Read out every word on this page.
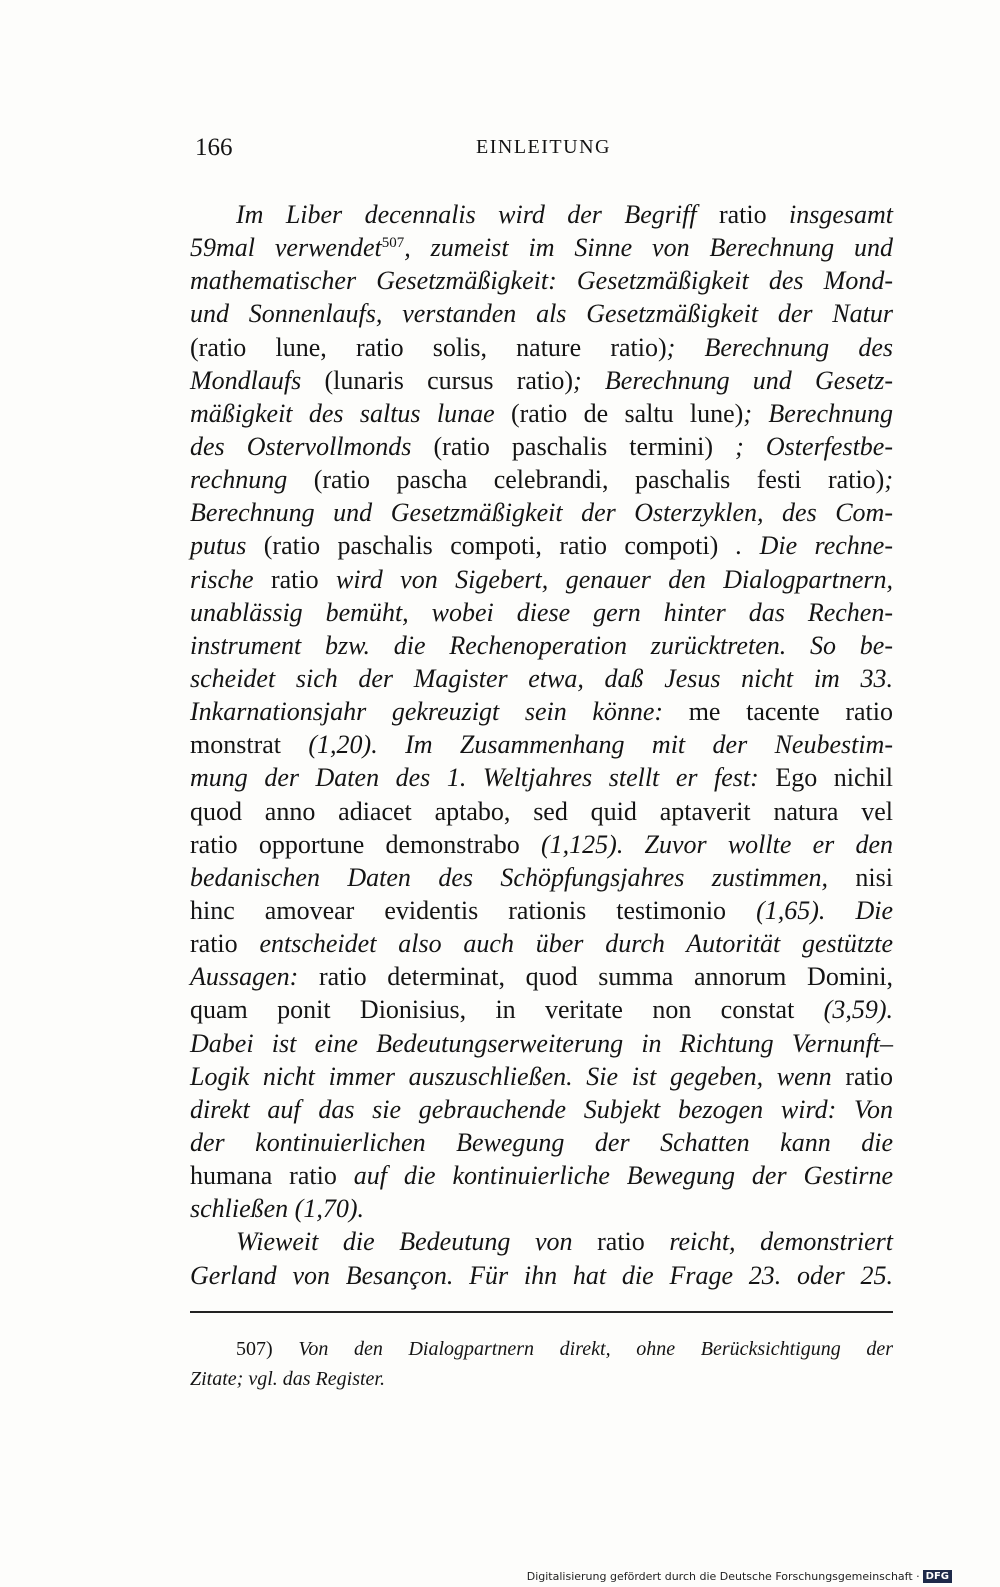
166	EINLEITUNG
Im Liber decennalis wird der Begriff ratio insgesamt
59mal verwendet$^{507}$, zumeist im Sinne von Berechnung und
mathematischer Gesetzmäßigkeit: Gesetzmäßigkeit des Mond-
und Sonnenlaufs, verstanden als Gesetzmäßigkeit der Natur
(ratio lune, ratio solis, nature ratio); Berechnung des
Mondlaufs (lunaris cursus ratio); Berechnung und Gesetz-
mäßigkeit des saltus lunae (ratio de saltu lune); Berechnung
des Ostervollmonds (ratio paschalis termini) ; Osterfestbe-
rechnung (ratio pascha celebrandi, paschalis festi ratio);
Berechnung und Gesetzmäßigkeit der Osterzyklen, des Com-
putus (ratio paschalis compoti, ratio compoti) . Die rechne-
rische ratio wird von Sigebert, genauer den Dialogpartnern,
unablässig bemüht, wobei diese gern hinter das Rechen-
instrument bzw. die Rechenoperation zurücktreten. So be-
scheidet sich der Magister etwa, daß Jesus nicht im 33.
Inkarnationsjahr gekreuzigt sein könne: me tacente ratio
monstrat (1,20). Im Zusammenhang mit der Neubestim-
mung der Daten des 1. Weltjahres stellt er fest: Ego nichil
quod anno adiacet aptabo, sed quid aptaverit natura vel
ratio opportune demonstrabo (1,125). Zuvor wollte er den
bedanischen Daten des Schöpfungsjahres zustimmen, nisi
hinc amovear evidentis rationis testimonio (1,65). Die
ratio entscheidet also auch über durch Autorität gestützte
Aussagen: ratio determinat, quod summa annorum Domini,
quam ponit Dionisius, in veritate non constat (3,59).
Dabei ist eine Bedeutungserweiterung in Richtung Vernunft–
Logik nicht immer auszuschließen. Sie ist gegeben, wenn ratio
direkt auf das sie gebrauchende Subjekt bezogen wird: Von
der kontinuierlichen Bewegung der Schatten kann die
humana ratio auf die kontinuierliche Bewegung der Gestirne
schließen (1,70).
Wieweit die Bedeutung von ratio reicht, demonstriert
Gerland von Besançon. Für ihn hat die Frage 23. oder 25.
507) Von den Dialogpartnern direkt, ohne Berücksichtigung der
Zitate; vgl. das Register.
Digitalisierung gefördert durch die Deutsche Forschungsgemeinschaft · DFG
